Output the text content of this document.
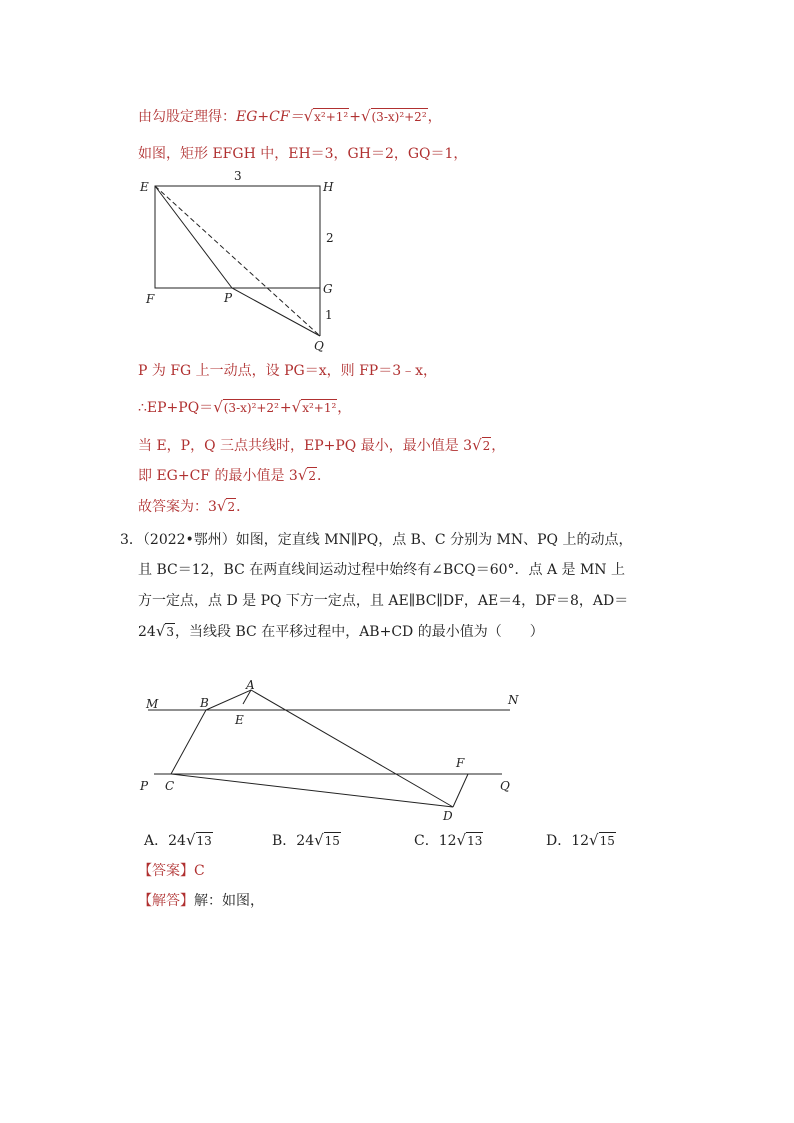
由勾股定理得：EG+CF＝√x²+1²+√(3-x)²+2²，
如图，矩形 EFGH 中，EH＝3，GH＝2，GQ＝1，
E	H
3
2
F	P
G
1
Q
P 为 FG 上一动点，设 PG＝x，则 FP＝3﹣x，
∴EP+PQ＝√(3-x)²+2²+√x²+1²，
当 E，P，Q 三点共线时，EP+PQ 最小，最小值是 3√2，
即 EG+CF 的最小值是 3√2．
故答案为：3√2．
3．（2022•鄂州）如图，定直线 MN∥PQ，点 B、C 分别为 MN、PQ 上的动点，
且 BC＝12，BC 在两直线间运动过程中始终有∠BCQ＝60°．点 A 是 MN 上
方一定点，点 D 是 PQ 下方一定点，且 AE∥BC∥DF，AE＝4，DF＝8，AD＝
24√3，当线段 BC 在平移过程中，AB+CD 的最小值为（　　）
M	B
A
E
N
P C
F
D
Q
A．24√13	B．24√15	C．12√13	D．12√15
【答案】C
【解答】解：如图，
